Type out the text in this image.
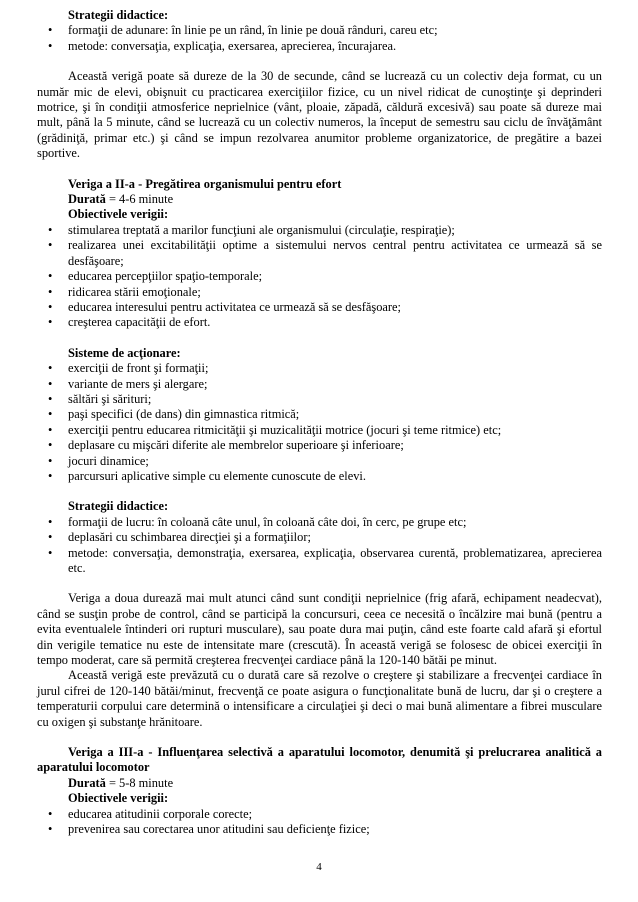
Strategii didactice:
• formaţii de adunare: în linie pe un rând, în linie pe două rânduri, careu etc;
• metode: conversaţia, explicaţia, exersarea, aprecierea, încurajarea.

Această verigă poate să dureze de la 30 de secunde, când se lucrează cu un colectiv deja format, cu un număr mic de elevi, obişnuit cu practicarea exerciţiilor fizice, cu un nivel ridicat de cunoştinţe şi deprinderi motrice, şi în condiţii atmosferice neprielnice (vânt, ploaie, zăpadă, căldură excesivă) sau poate să dureze mai mult, până la 5 minute, când se lucrează cu un colectiv numeros, la început de semestru sau ciclu de învăţământ (grădiniţă, primar etc.) şi când se impun rezolvarea anumitor probleme organizatorice, de pregătire a bazei sportive.

Veriga a II-a - Pregătirea organismului pentru efort
Durată = 4-6 minute
Obiectivele verigii:
• stimularea treptată a marilor funcţiuni ale organismului (circulaţie, respiraţie);
• realizarea unei excitabilităţii optime a sistemului nervos central pentru activitatea ce urmează să se desfăşoare;
• educarea percepţiilor spaţio-temporale;
• ridicarea stării emoţionale;
• educarea interesului pentru activitatea ce urmează să se desfăşoare;
• creşterea capacităţii de efort.
Sisteme de acţionare:
• exerciţii de front şi formaţii;
• variante de mers şi alergare;
• săltări şi sărituri;
• paşi specifici (de dans) din gimnastica ritmică;
• exerciţii pentru educarea ritmicităţii şi muzicalităţii motrice (jocuri şi teme ritmice) etc;
• deplasare cu mişcări diferite ale membrelor superioare şi inferioare;
• jocuri dinamice;
• parcursuri aplicative simple cu elemente cunoscute de elevi.
Strategii didactice:
• formaţii de lucru: în coloană câte unul, în coloană câte doi, în cerc, pe grupe etc;
• deplasări cu schimbarea direcţiei şi a formaţiilor;
• metode: conversaţia, demonstraţia, exersarea, explicaţia, observarea curentă, problematizarea, aprecierea etc.

Veriga a doua durează mai mult atunci când sunt condiţii neprielnice (frig afară, echipament neadecvat), când se susţin probe de control, când se participă la concursuri, ceea ce necesită o încălzire mai bună (pentru a evita eventualele întinderi ori rupturi musculare), sau poate dura mai puţin, când este foarte cald afară şi efortul din verigile tematice nu este de intensitate mare (crescută). În această verigă se folosesc de obicei exerciţii în tempo moderat, care să permită creşterea frecvenţei cardiace până la 120-140 bătăi pe minut.

Această verigă este prevăzută cu o durată care să rezolve o creştere şi stabilizare a frecvenţei cardiace în jurul cifrei de 120-140 bătăi/minut, frecvenţă ce poate asigura o funcţionalitate bună de lucru, dar şi o creştere a temperaturii corpului care determină o intensificare a circulaţiei şi deci o mai bună alimentare a fibrei musculare cu oxigen şi substanţe hrănitoare.

Veriga a III-a - Influenţarea selectivă a aparatului locomotor, denumită şi prelucrarea analitică a aparatului locomotor

Durată = 5-8 minute
Obiectivele verigii:
• educarea atitudinii corporale corecte;
• prevenirea sau corectarea unor atitudini sau deficienţe fizice;
4
